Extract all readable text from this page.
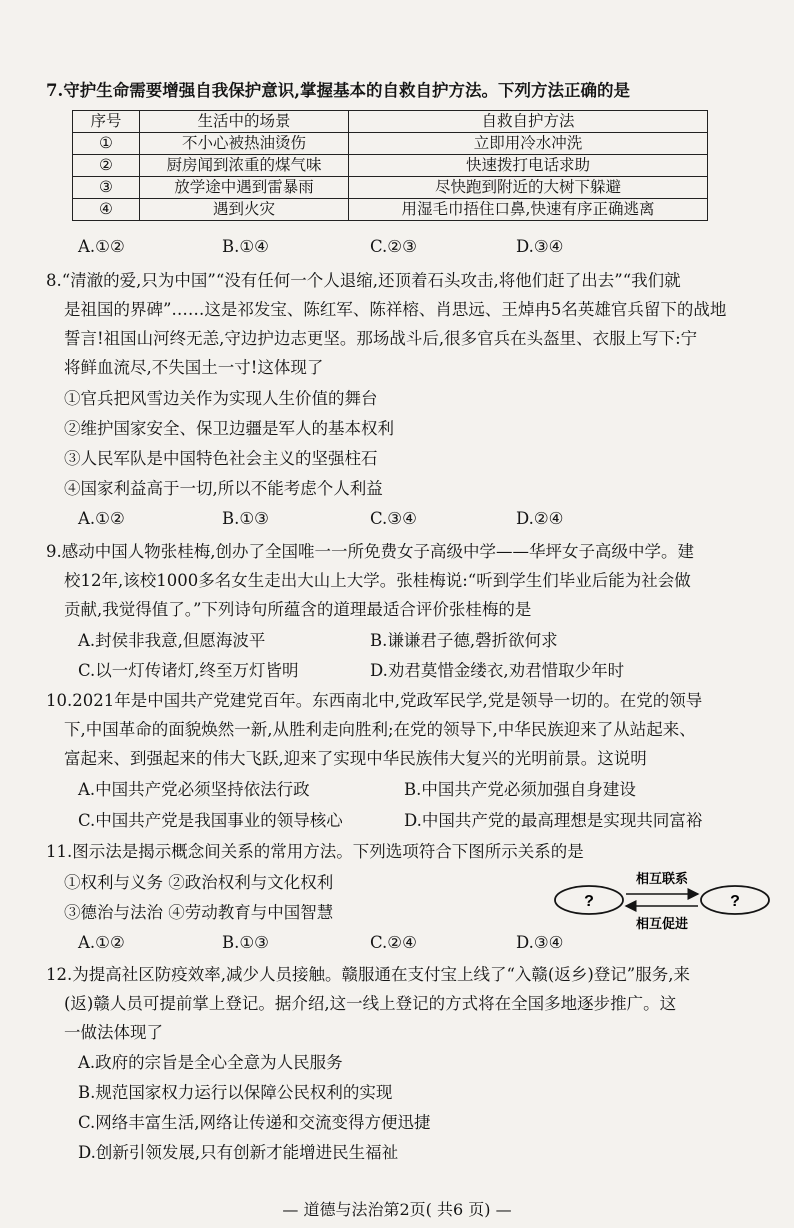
7.守护生命需要增强自我保护意识,掌握基本的自救自护方法。下列方法正确的是
序号	生活中的场景	自救自护方法
①	不小心被热油烫伤	立即用冷水冲洗
②	厨房闻到浓重的煤气味	快速拨打电话求助
③	放学途中遇到雷暴雨	尽快跑到附近的大树下躲避
④	遇到火灾	用湿毛巾捂住口鼻,快速有序正确逃离
A.①②	B.①④	C.②③	D.③④
8.“清澈的爱,只为中国”“没有任何一个人退缩,还顶着石头攻击,将他们赶了出去”“我们就
是祖国的界碑”……这是祁发宝、陈红军、陈祥榕、肖思远、王焯冉5名英雄官兵留下的战地
誓言!祖国山河终无恙,守边护边志更坚。那场战斗后,很多官兵在头盔里、衣服上写下:宁
将鲜血流尽,不失国土一寸!这体现了
①官兵把风雪边关作为实现人生价值的舞台
②维护国家安全、保卫边疆是军人的基本权利
③人民军队是中国特色社会主义的坚强柱石
④国家利益高于一切,所以不能考虑个人利益
A.①②	B.①③	C.③④	D.②④
9.感动中国人物张桂梅,创办了全国唯一一所免费女子高级中学——华坪女子高级中学。建
校12年,该校1000多名女生走出大山上大学。张桂梅说:“听到学生们毕业后能为社会做
贡献,我觉得值了。”下列诗句所蕴含的道理最适合评价张桂梅的是
A.封侯非我意,但愿海波平	B.谦谦君子德,磬折欲何求
C.以一灯传诸灯,终至万灯皆明	D.劝君莫惜金缕衣,劝君惜取少年时
10.2021年是中国共产党建党百年。东西南北中,党政军民学,党是领导一切的。在党的领导
下,中国革命的面貌焕然一新,从胜利走向胜利;在党的领导下,中华民族迎来了从站起来、
富起来、到强起来的伟大飞跃,迎来了实现中华民族伟大复兴的光明前景。这说明
A.中国共产党必须坚持依法行政	B.中国共产党必须加强自身建设
C.中国共产党是我国事业的领导核心	D.中国共产党的最高理想是实现共同富裕
11.图示法是揭示概念间关系的常用方法。下列选项符合下图所示关系的是
①权利与义务 ②政治权利与文化权利
③德治与法治 ④劳动教育与中国智慧
A.①②	B.①③	C.②④	D.③④
?	?
相互联系
相互促进
12.为提高社区防疫效率,减少人员接触。赣服通在支付宝上线了“入赣(返乡)登记”服务,来
(返)赣人员可提前掌上登记。据介绍,这一线上登记的方式将在全国多地逐步推广。这
一做法体现了
A.政府的宗旨是全心全意为人民服务
B.规范国家权力运行以保障公民权利的实现
C.网络丰富生活,网络让传递和交流变得方便迅捷
D.创新引领发展,只有创新才能增进民生福祉
— 道德与法治第2页( 共6 页) —
